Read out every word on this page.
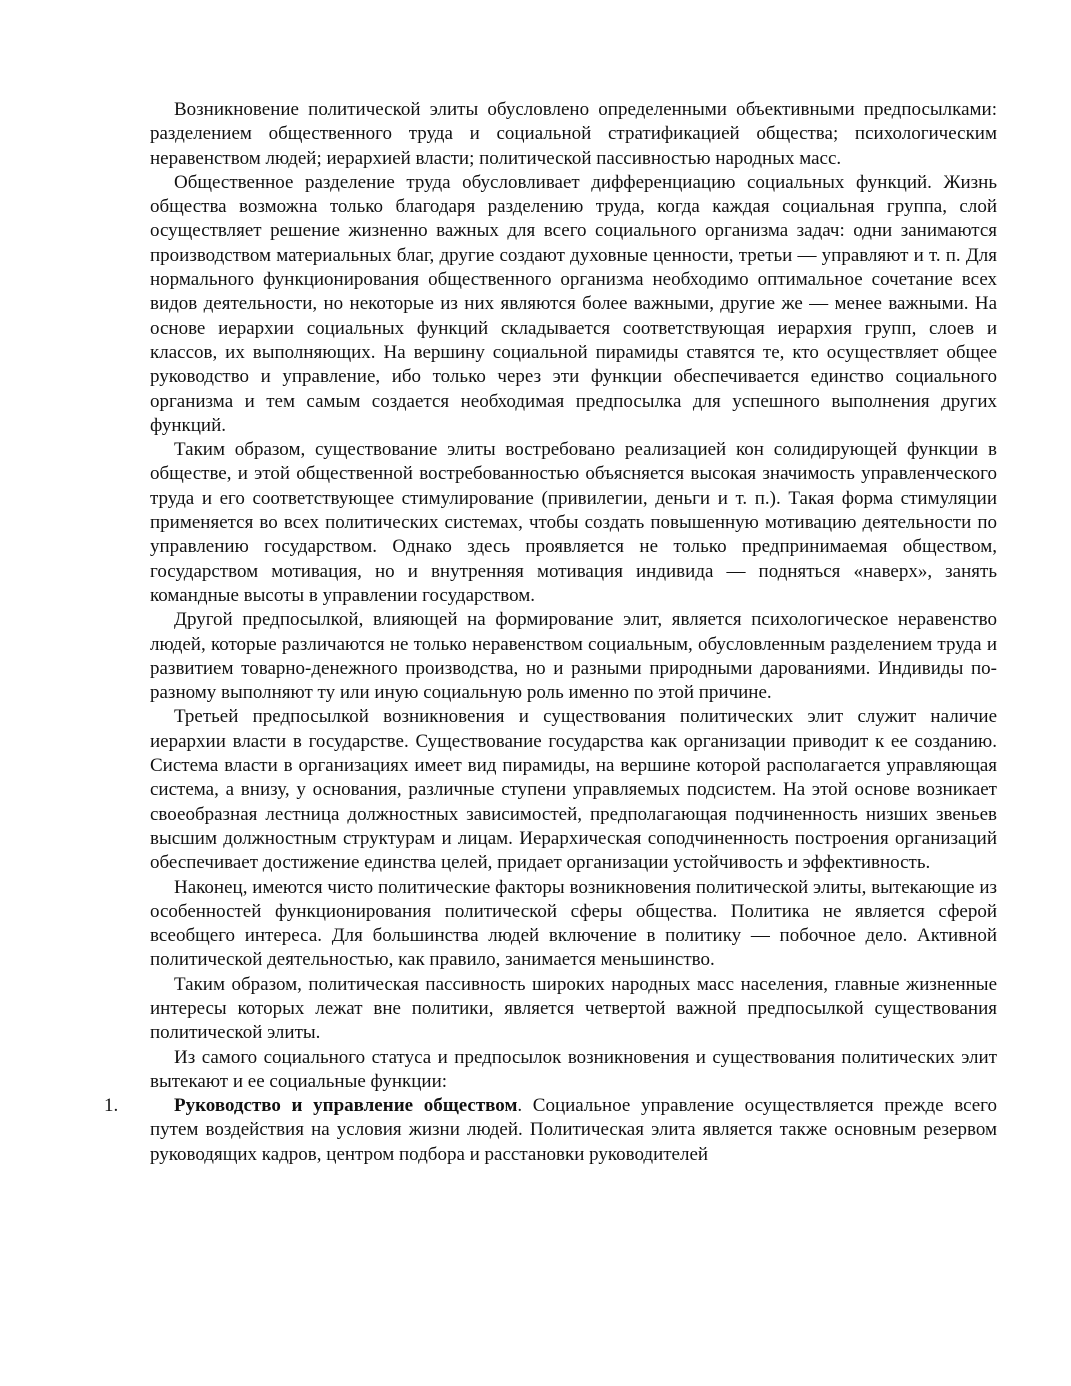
Возникновение политической элиты обусловлено определенными объективными предпосылками: разделением общественного труда и социальной стратификацией общества; психологическим неравенством людей; иерархией власти; политической пассивностью народных масс.

Общественное разделение труда обусловливает дифференциацию социальных функций. Жизнь общества возможна только благодаря разделению труда, когда каждая социальная группа, слой осуществляет решение жизненно важных для всего социального организма задач: одни занимаются производством материальных благ, другие создают духовные ценности, третьи — управляют и т. п. Для нормального функционирования общественного организма необходимо оптимальное сочетание всех видов деятельности, но некоторые из них являются более важными, другие же — менее важными. На основе иерархии социальных функций складывается соответствующая иерархия групп, слоев и классов, их выполняющих. На вершину социальной пирамиды ставятся те, кто осуществляет общее руководство и управление, ибо только через эти функции обеспечивается единство социального организма и тем самым создается необходимая предпосылка для успешного выполнения других функций.

Таким образом, существование элиты востребовано реализацией кон солидирующей функции в обществе, и этой общественной востребованностью объясняется высокая значимость управленческого труда и его соответствующее стимулирование (привилегии, деньги и т. п.). Такая форма стимуляции применяется во всех политических системах, чтобы создать повышенную мотивацию деятельности по управлению государством. Однако здесь проявляется не только предпринимаемая обществом, государством мотивация, но и внутренняя мотивация индивида — подняться «наверх», занять командные высоты в управлении государством.

Другой предпосылкой, влияющей на формирование элит, является психологическое неравенство людей, которые различаются не только неравенством социальным, обусловленным разделением труда и развитием товарно-денежного производства, но и разными природными дарованиями. Индивиды по-разному выполняют ту или иную социальную роль именно по этой причине.

Третьей предпосылкой возникновения и существования политических элит служит наличие иерархии власти в государстве. Существование государства как организации приводит к ее созданию. Система власти в организациях имеет вид пирамиды, на вершине которой располагается управляющая система, а внизу, у основания, различные ступени управляемых подсистем. На этой основе возникает своеобразная лестница должностных зависимостей, предполагающая подчиненность низших звеньев высшим должностным структурам и лицам. Иерархическая соподчиненность построения организаций обеспечивает достижение единства целей, придает организации устойчивость и эффективность.

Наконец, имеются чисто политические факторы возникновения политической элиты, вытекающие из особенностей функционирования политической сферы общества. Политика не является сферой всеобщего интереса. Для большинства людей включение в политику — побочное дело. Активной политической деятельностью, как правило, занимается меньшинство.

Таким образом, политическая пассивность широких народных масс населения, главные жизненные интересы которых лежат вне политики, является четвертой важной предпосылкой существования политической элиты.

Из самого социального статуса и предпосылок возникновения и существования политических элит вытекают и ее социальные функции:

1.	Руководство и управление обществом. Социальное управление осуществляется прежде всего путем воздействия на условия жизни людей. Политическая элита является также основным резервом руководящих кадров, центром подбора и расстановки руководителей
